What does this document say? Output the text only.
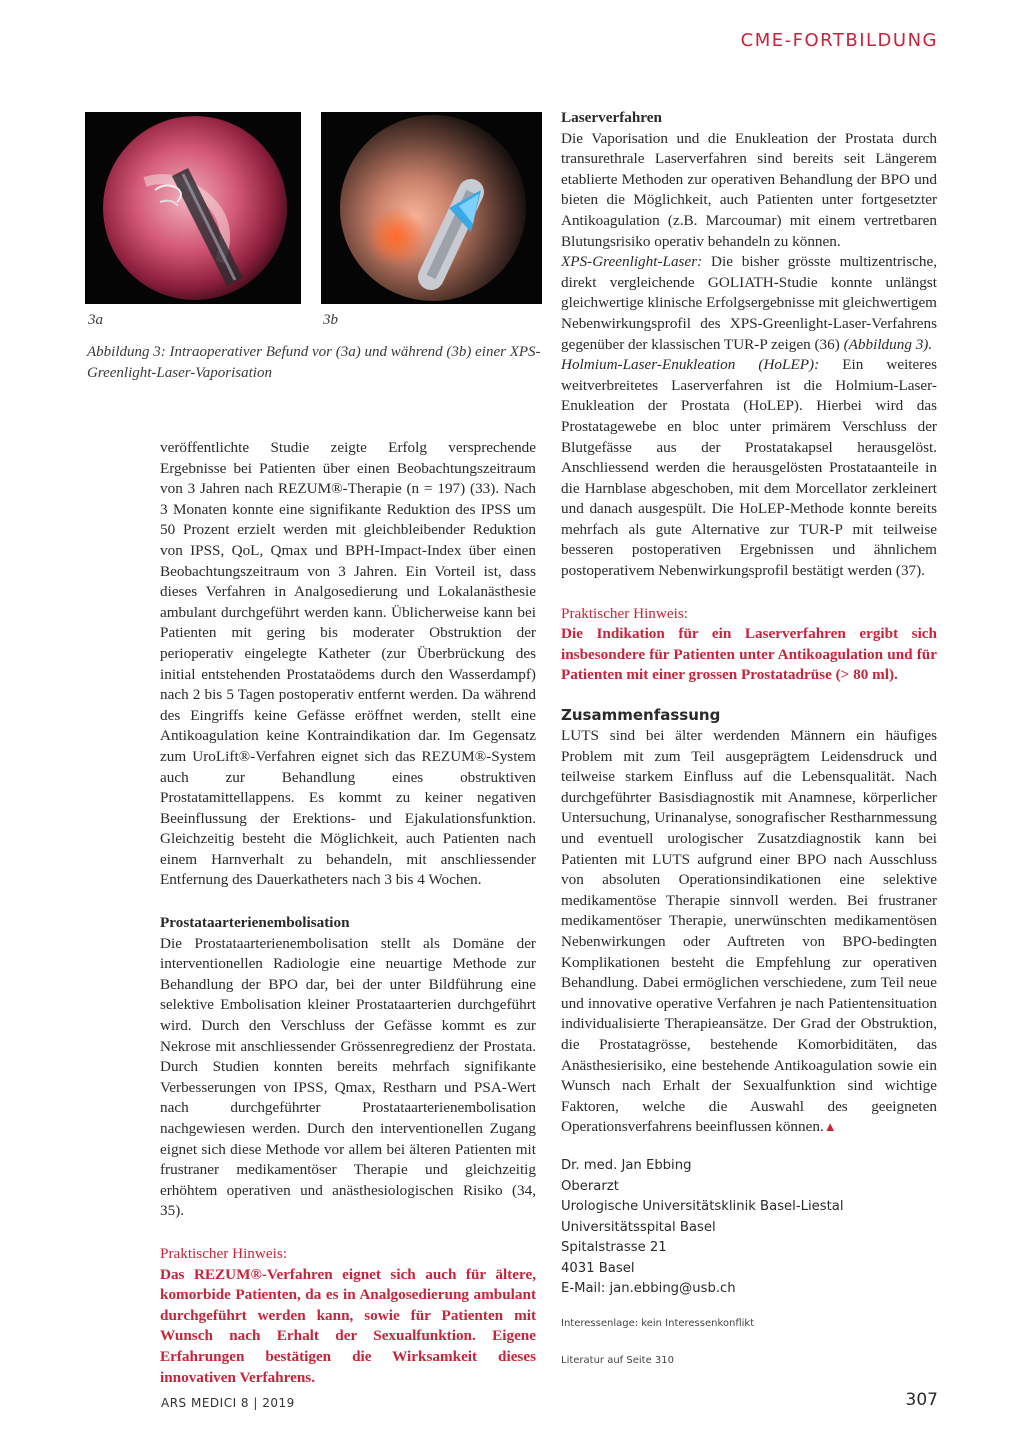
CME-FORTBILDUNG
3a	3b
Abbildung 3: Intraoperativer Befund vor (3a) und während (3b) einer XPS-Greenlight-Laser-Vaporisation

veröffentlichte Studie zeigte Erfolg versprechende Ergebnisse bei Patienten über einen Beobachtungszeitraum von 3 Jahren nach REZUM®-Therapie (n = 197) (33). Nach 3 Monaten konnte eine signifikante Reduktion des IPSS um 50 Prozent erzielt werden mit gleichbleibender Reduktion von IPSS, QoL, Qmax und BPH-Impact-Index über einen Beobachtungszeitraum von 3 Jahren. Ein Vorteil ist, dass dieses Verfahren in Analgosedierung und Lokalanästhesie ambulant durchgeführt werden kann. Üblicherweise kann bei Patienten mit gering bis moderater Obstruktion der perioperativ eingelegte Katheter (zur Überbrückung des initial entstehenden Prostataödems durch den Wasserdampf) nach 2 bis 5 Tagen postoperativ entfernt werden. Da während des Eingriffs keine Gefässe eröffnet werden, stellt eine Antikoagulation keine Kontraindikation dar. Im Gegensatz zum UroLift®-Verfahren eignet sich das REZUM®-System auch zur Behandlung eines obstruktiven Prostatamittellappens. Es kommt zu keiner negativen Beeinflussung der Erektions- und Ejakulationsfunktion. Gleichzeitig besteht die Möglichkeit, auch Patienten nach einem Harnverhalt zu behandeln, mit anschliessender Entfernung des Dauerkatheters nach 3 bis 4 Wochen.

Prostataarterienembolisation

Die Prostataarterienembolisation stellt als Domäne der interventionellen Radiologie eine neuartige Methode zur Behandlung der BPO dar, bei der unter Bildführung eine selektive Embolisation kleiner Prostataarterien durchgeführt wird. Durch den Verschluss der Gefässe kommt es zur Nekrose mit anschliessender Grössenregredienz der Prostata. Durch Studien konnten bereits mehrfach signifikante Verbesserungen von IPSS, Qmax, Restharn und PSA-Wert nach durchgeführter Prostataarterienembolisation nachgewiesen werden. Durch den interventionellen Zugang eignet sich diese Methode vor allem bei älteren Patienten mit frustraner medikamentöser Therapie und gleichzeitig erhöhtem operativen und anästhesiologischen Risiko (34, 35).

Praktischer Hinweis:

Das REZUM®-Verfahren eignet sich auch für ältere, komorbide Patienten, da es in Analgosedierung ambulant durchgeführt werden kann, sowie für Patienten mit Wunsch nach Erhalt der Sexualfunktion. Eigene Erfahrungen bestätigen die Wirksamkeit dieses innovativen Verfahrens.

Laserverfahren

Die Vaporisation und die Enukleation der Prostata durch transurethrale Laserverfahren sind bereits seit Längerem etablierte Methoden zur operativen Behandlung der BPO und bieten die Möglichkeit, auch Patienten unter fortgesetzter Antikoagulation (z.B. Marcoumar) mit einem vertretbaren Blutungsrisiko operativ behandeln zu können.

XPS-Greenlight-Laser: Die bisher grösste multizentrische, direkt vergleichende GOLIATH-Studie konnte unlängst gleichwertige klinische Erfolgsergebnisse mit gleichwertigem Nebenwirkungsprofil des XPS-Greenlight-Laser-Verfahrens gegenüber der klassischen TUR-P zeigen (36) (Abbildung 3).

Holmium-Laser-Enukleation (HoLEP): Ein weiteres weitverbreitetes Laserverfahren ist die Holmium-Laser-Enukleation der Prostata (HoLEP). Hierbei wird das Prostatagewebe en bloc unter primärem Verschluss der Blutgefässe aus der Prostatakapsel herausgelöst. Anschliessend werden die herausgelösten Prostataanteile in die Harnblase abgeschoben, mit dem Morcellator zerkleinert und danach ausgespült. Die HoLEP-Methode konnte bereits mehrfach als gute Alternative zur TUR-P mit teilweise besseren postoperativen Ergebnissen und ähnlichem postoperativem Nebenwirkungsprofil bestätigt werden (37).

Praktischer Hinweis:

Die Indikation für ein Laserverfahren ergibt sich insbesondere für Patienten unter Antikoagulation und für Patienten mit einer grossen Prostatadrüse (> 80 ml).

Zusammenfassung

LUTS sind bei älter werdenden Männern ein häufiges Problem mit zum Teil ausgeprägtem Leidensdruck und teilweise starkem Einfluss auf die Lebensqualität. Nach durchgeführter Basisdiagnostik mit Anamnese, körperlicher Untersuchung, Urinanalyse, sonografischer Restharnmessung und eventuell urologischer Zusatzdiagnostik kann bei Patienten mit LUTS aufgrund einer BPO nach Ausschluss von absoluten Operationsindikationen eine selektive medikamentöse Therapie sinnvoll werden. Bei frustraner medikamentöser Therapie, unerwünschten medikamentösen Nebenwirkungen oder Auftreten von BPO-bedingten Komplikationen besteht die Empfehlung zur operativen Behandlung. Dabei ermöglichen verschiedene, zum Teil neue und innovative operative Verfahren je nach Patientensituation individualisierte Therapieansätze. Der Grad der Obstruktion, die Prostatagrösse, bestehende Komorbiditäten, das Anästhesierisiko, eine bestehende Antikoagulation sowie ein Wunsch nach Erhalt der Sexualfunktion sind wichtige Faktoren, welche die Auswahl des geeigneten Operationsverfahrens beeinflussen können.▲

Dr. med. Jan Ebbing
Oberarzt
Urologische Universitätsklinik Basel-Liestal
Universitätsspital Basel
Spitalstrasse 21
4031 Basel
E-Mail: jan.ebbing@usb.ch
Interessenlage: kein Interessenkonflikt
Literatur auf Seite 310
ARS MEDICI 8 | 2019	307
